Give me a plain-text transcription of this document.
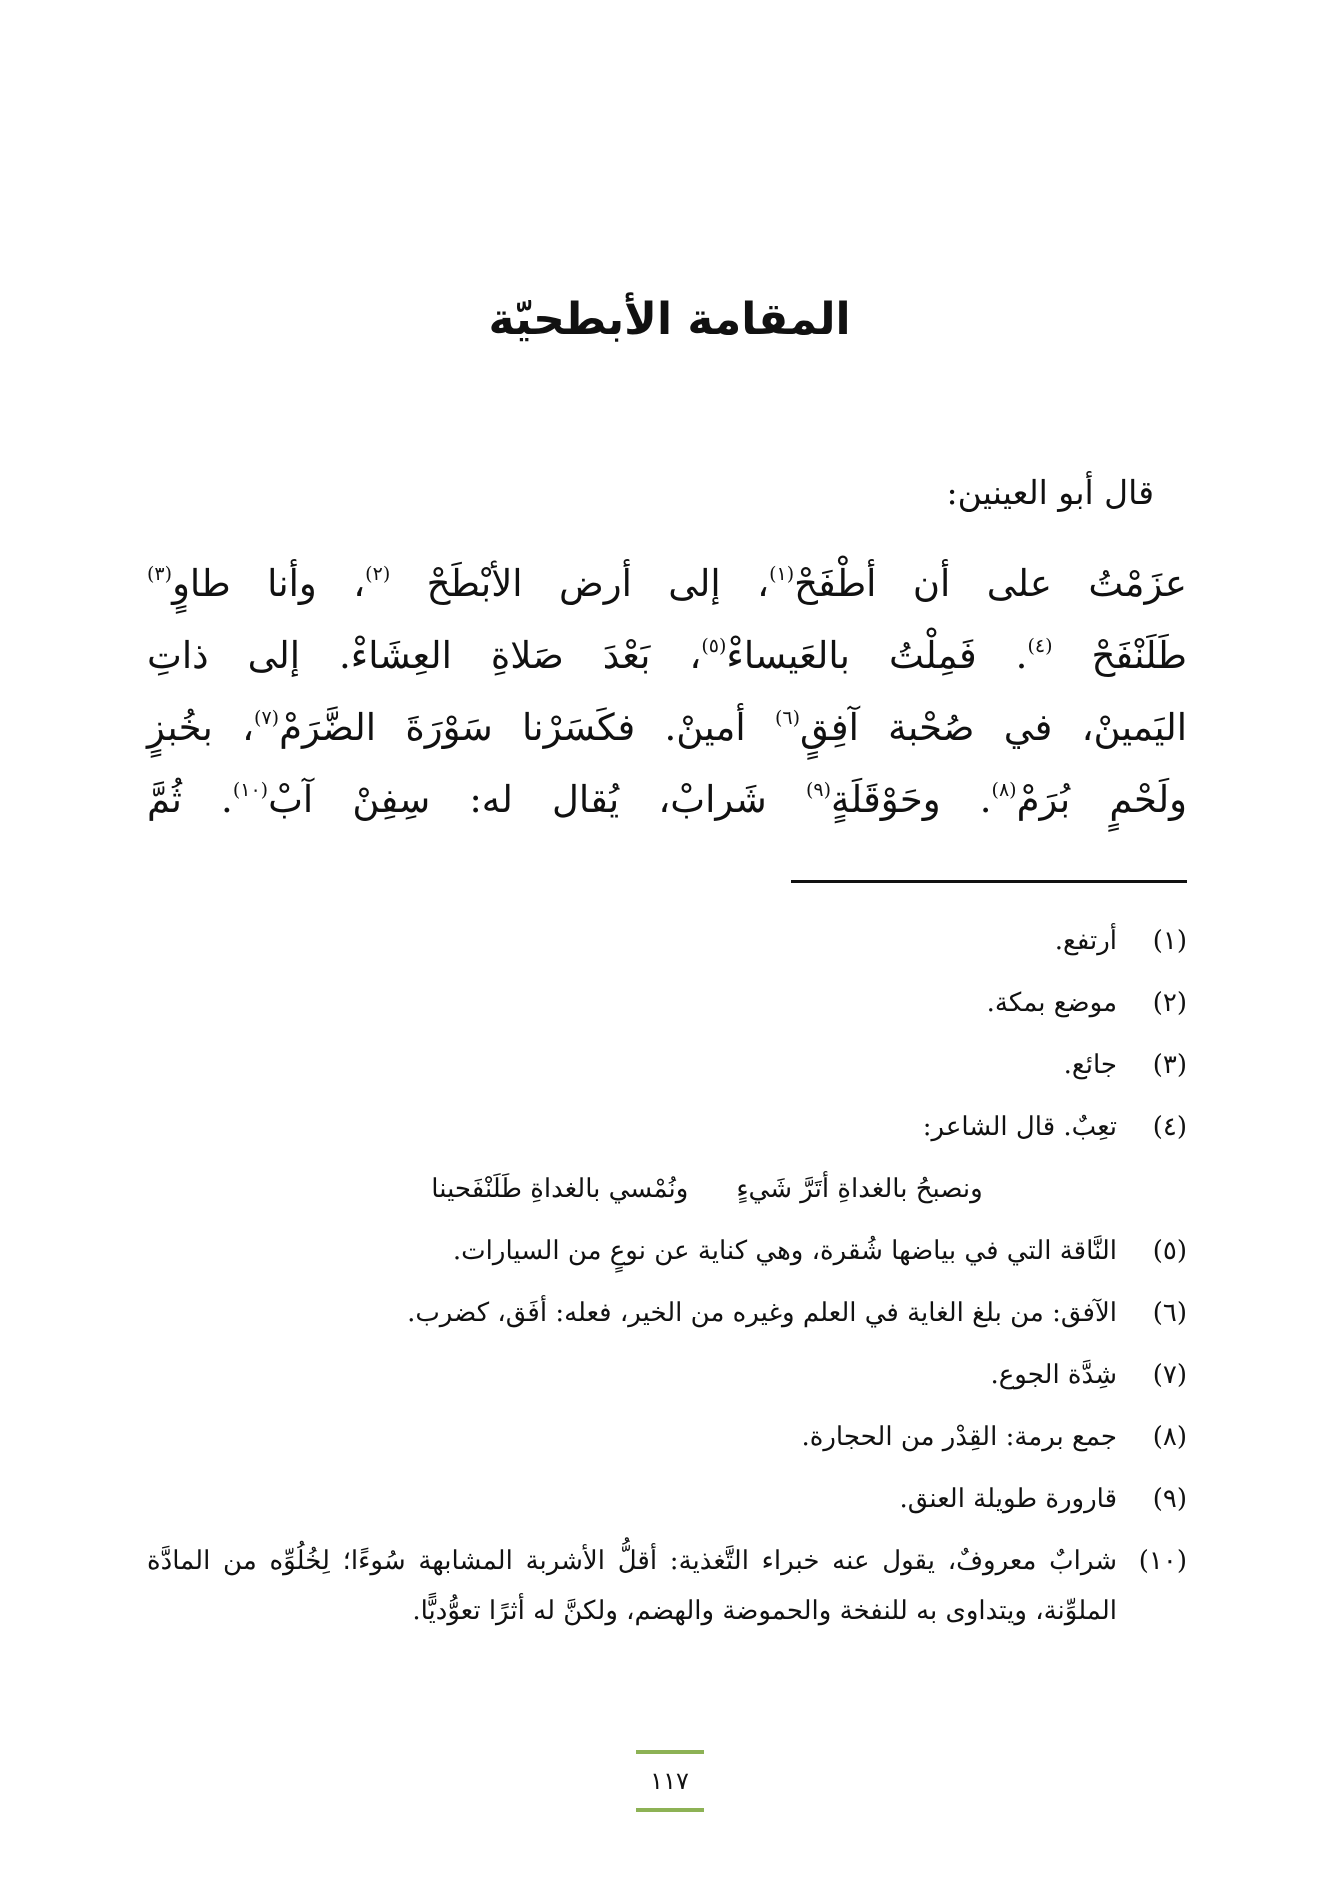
المقامة الأبطحيّة

قال أبو العينين:

عزَمْتُ على أن أطْفَحْ$^{(١)}$، إلى أرض الأبْطَحْ $^{(٢)}$، وأنا طاوٍ$^{(٣)}$
طَلَنْفَحْ $^{(٤)}$. فَمِلْتُ بالعَيساءْ$^{(٥)}$، بَعْدَ صَلاةِ العِشَاءْ. إلى ذاتِ
اليَمينْ، في صُحْبة آفِقٍ$^{(٦)}$ أمينْ. فكَسَرْنا سَوْرَةَ الضَّرَمْ$^{(٧)}$، بخُبزٍ
ولَحْمٍ بُرَمْ$^{(٨)}$. وحَوْقَلَةٍ$^{(٩)}$ شَرابْ، يُقال له: سِفِنْ آبْ$^{(١٠)}$. ثُمَّ
(١)
أرتفع.
(٢)
موضع بمكة.
(٣)
جائع.
(٤)
تعِبٌ. قال الشاعر:
ونصبحُ بالغداةِ أتَرَّ شَيءٍ
ونُمْسي بالغداةِ طَلَنْفَحينا
(٥)
النَّاقة التي في بياضها شُقرة، وهي كناية عن نوعٍ من السيارات.
(٦)
الآفق: من بلغ الغاية في العلم وغيره من الخير، فعله: أفَق، كضرب.
(٧)
شِدَّة الجوع.
(٨)
جمع برمة: القِدْر من الحجارة.
(٩)
قارورة طويلة العنق.
(١٠)
شرابٌ معروفٌ، يقول عنه خبراء التَّغذية: أقلُّ الأشربة المشابهة سُوءًا؛ لِخُلُوِّه من المادَّة الملوِّنة، ويتداوى به للنفخة والحموضة والهضم، ولكنَّ له أثرًا تعوُّديًّا.
١١٧
